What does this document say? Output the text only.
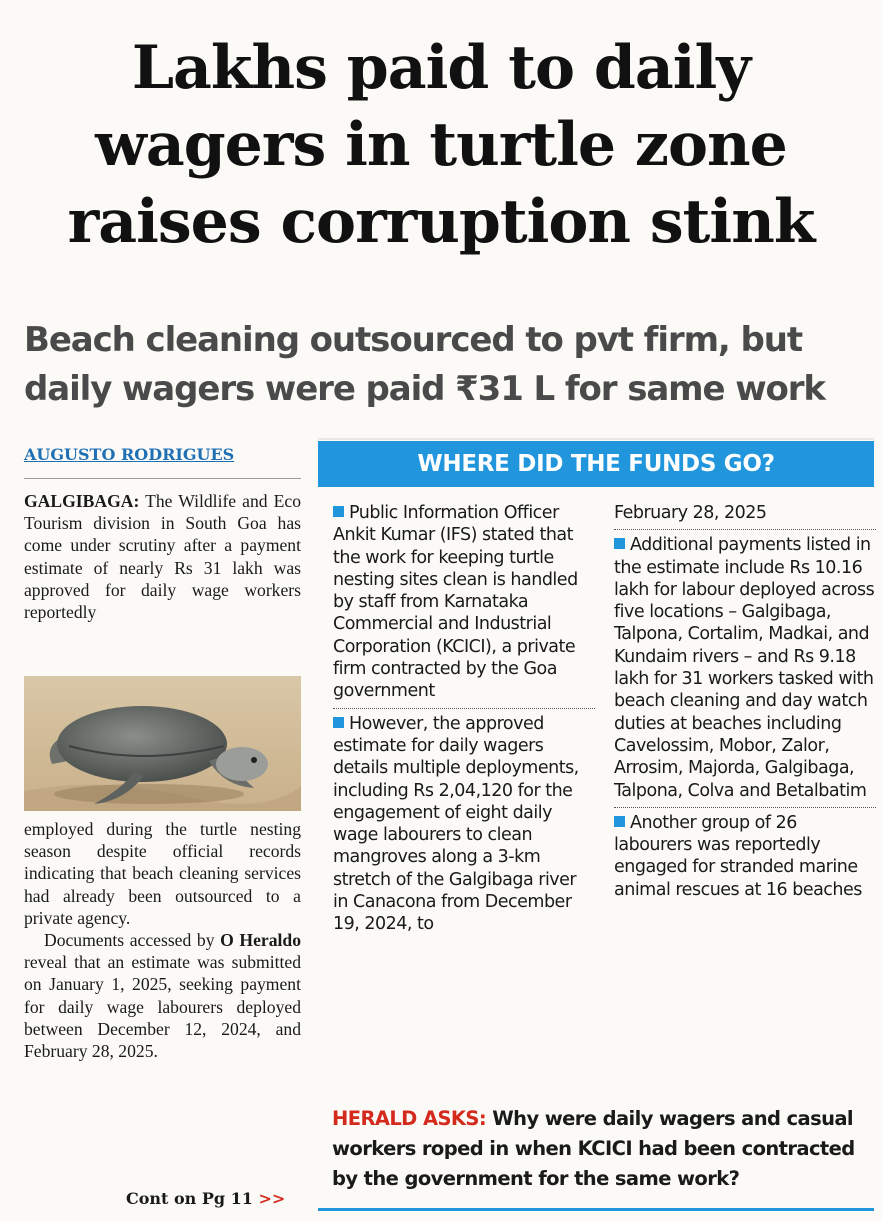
Lakhs paid to daily
wagers in turtle zone
raises corruption stink
Beach cleaning outsourced to pvt firm, but
daily wagers were paid ₹31 L for same work
AUGUSTO RODRIGUES

GALGIBAGA: The Wildlife and Eco Tourism division in South Goa has come under scrutiny after a payment estimate of nearly Rs 31 lakh was approved for daily wage workers reportedly

employed during the turtle nesting season despite official records indicating that beach cleaning services had already been outsourced to a private agency.

Documents accessed by O Heraldo reveal that an estimate was submitted on January 1, 2025, seeking payment for daily wage labourers deployed between December 12, 2024, and February 28, 2025.

Cont on Pg 11 >>
WHERE DID THE FUNDS GO?

Public Information Officer Ankit Kumar (IFS) stated that the work for keeping turtle nesting sites clean is handled by staff from Karnataka Commercial and Industrial Corporation (KCICI), a private firm contracted by the Goa government

However, the approved estimate for daily wagers details multiple deployments, including Rs 2,04,120 for the engagement of eight daily wage labourers to clean mangroves along a 3-km stretch of the Galgibaga river in Canacona from December 19, 2024, to

February 28, 2025

Additional payments listed in the estimate include Rs 10.16 lakh for labour deployed across five locations – Galgibaga, Talpona, Cortalim, Madkai, and Kundaim rivers – and Rs 9.18 lakh for 31 workers tasked with beach cleaning and day watch duties at beaches including Cavelossim, Mobor, Zalor, Arrosim, Majorda, Galgibaga, Talpona, Colva and Betalbatim

Another group of 26 labourers was reportedly engaged for stranded marine animal rescues at 16 beaches

HERALD ASKS: Why were daily wagers and casual workers roped in when KCICI had been contracted by the government for the same work?
